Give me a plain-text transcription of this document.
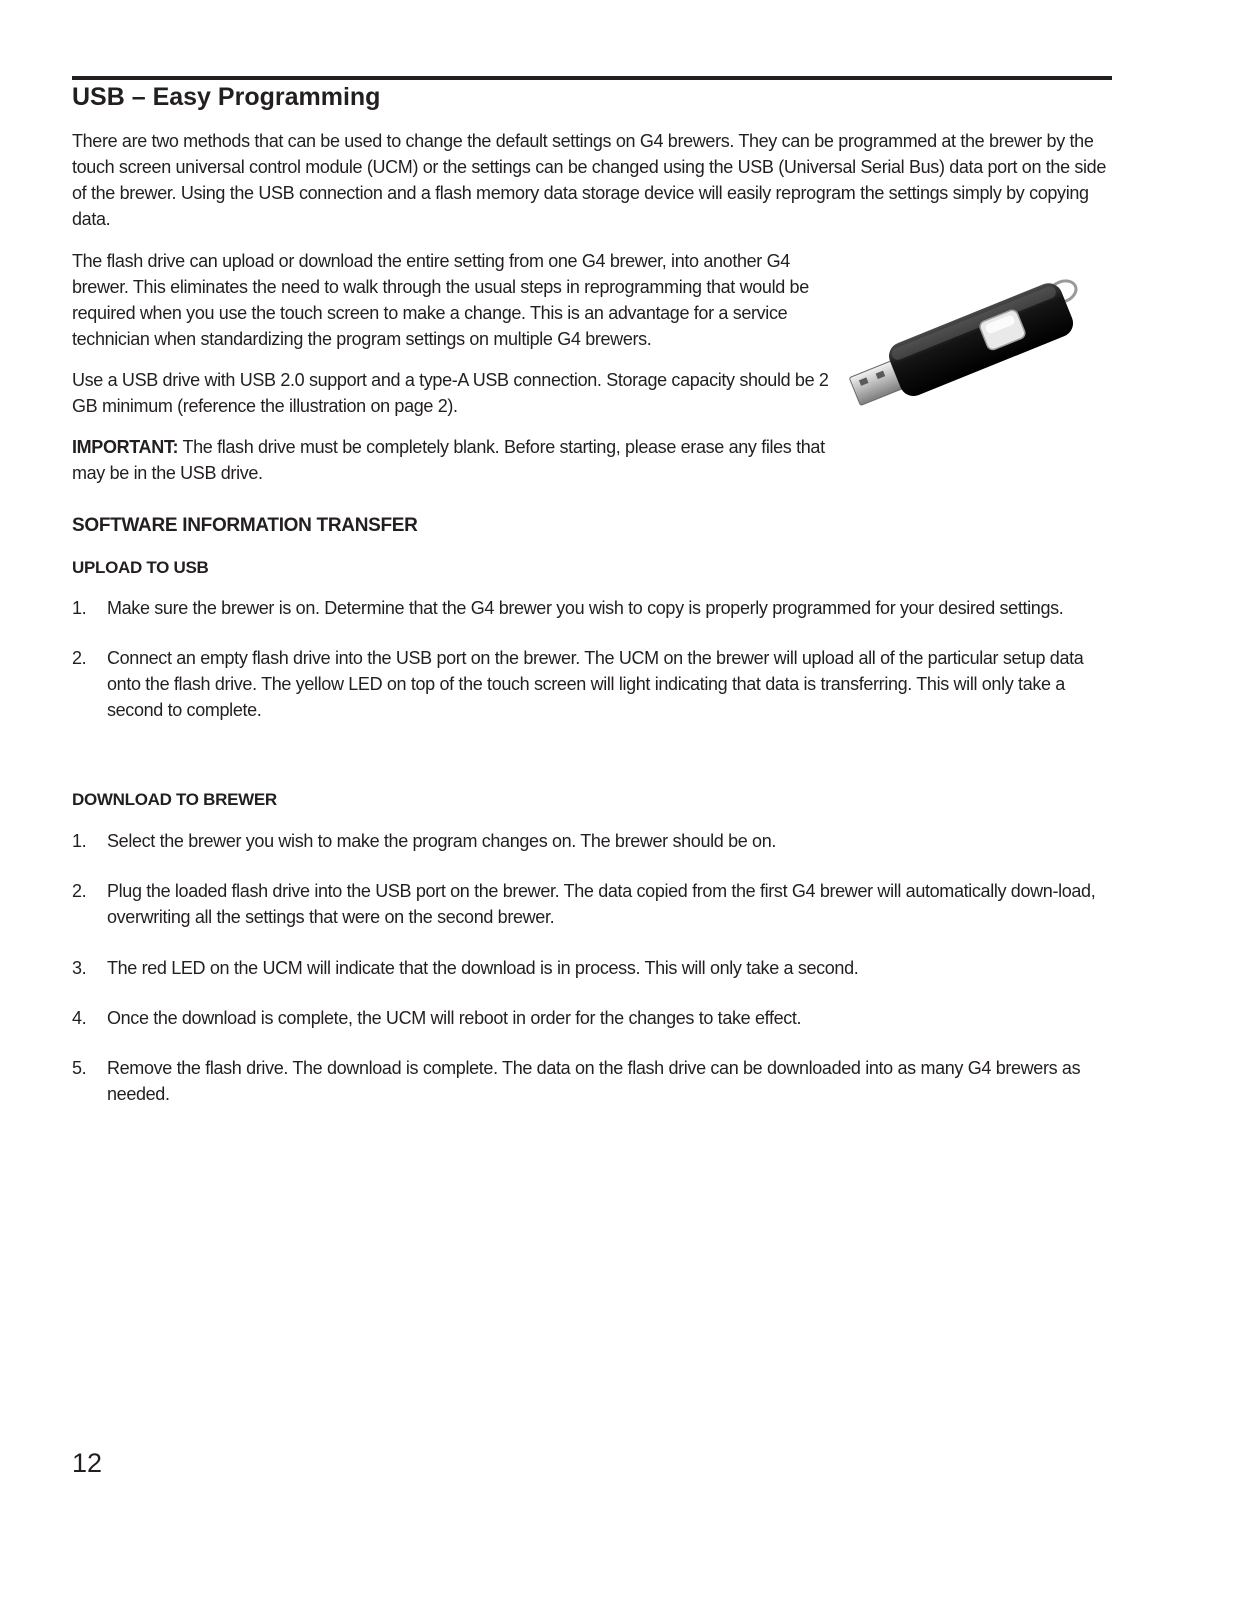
USB – Easy Programming

There are two methods that can be used to change the default settings on G4 brewers. They can be programmed at the brewer by the touch screen universal control module (UCM) or the settings can be changed using the USB (Universal Serial Bus) data port on the side of the brewer. Using the USB connection and a flash memory data storage device will easily reprogram the settings simply by copying data.

The flash drive can upload or download the entire setting from one G4 brewer, into another G4 brewer. This eliminates the need to walk through the usual steps in reprogramming that would be required when you use the touch screen to make a change. This is an advantage for a service technician when standardizing the program settings on multiple G4 brewers.

Use a USB drive with USB 2.0 support and a type-A USB connection. Storage capacity should be 2 GB minimum (reference the illustration on page 2).

IMPORTANT: The flash drive must be completely blank. Before starting, please erase any files that may be in the USB drive.

SOFTWARE INFORMATION TRANSFER
UPLOAD TO USB
1. Make sure the brewer is on. Determine that the G4 brewer you wish to copy is properly programmed for your desired settings.
2. Connect an empty flash drive into the USB port on the brewer. The UCM on the brewer will upload all of the particular setup data onto the flash drive. The yellow LED on top of the touch screen will light indicating that data is transferring. This will only take a second to complete.
DOWNLOAD TO BREWER
1. Select the brewer you wish to make the program changes on. The brewer should be on.
2. Plug the loaded flash drive into the USB port on the brewer. The data copied from the first G4 brewer will automatically down-load, overwriting all the settings that were on the second brewer.
3. The red LED on the UCM will indicate that the download is in process. This will only take a second.
4. Once the download is complete, the UCM will reboot in order for the changes to take effect.
5. Remove the flash drive. The download is complete. The data on the flash drive can be downloaded into as many G4 brewers as needed.
12
